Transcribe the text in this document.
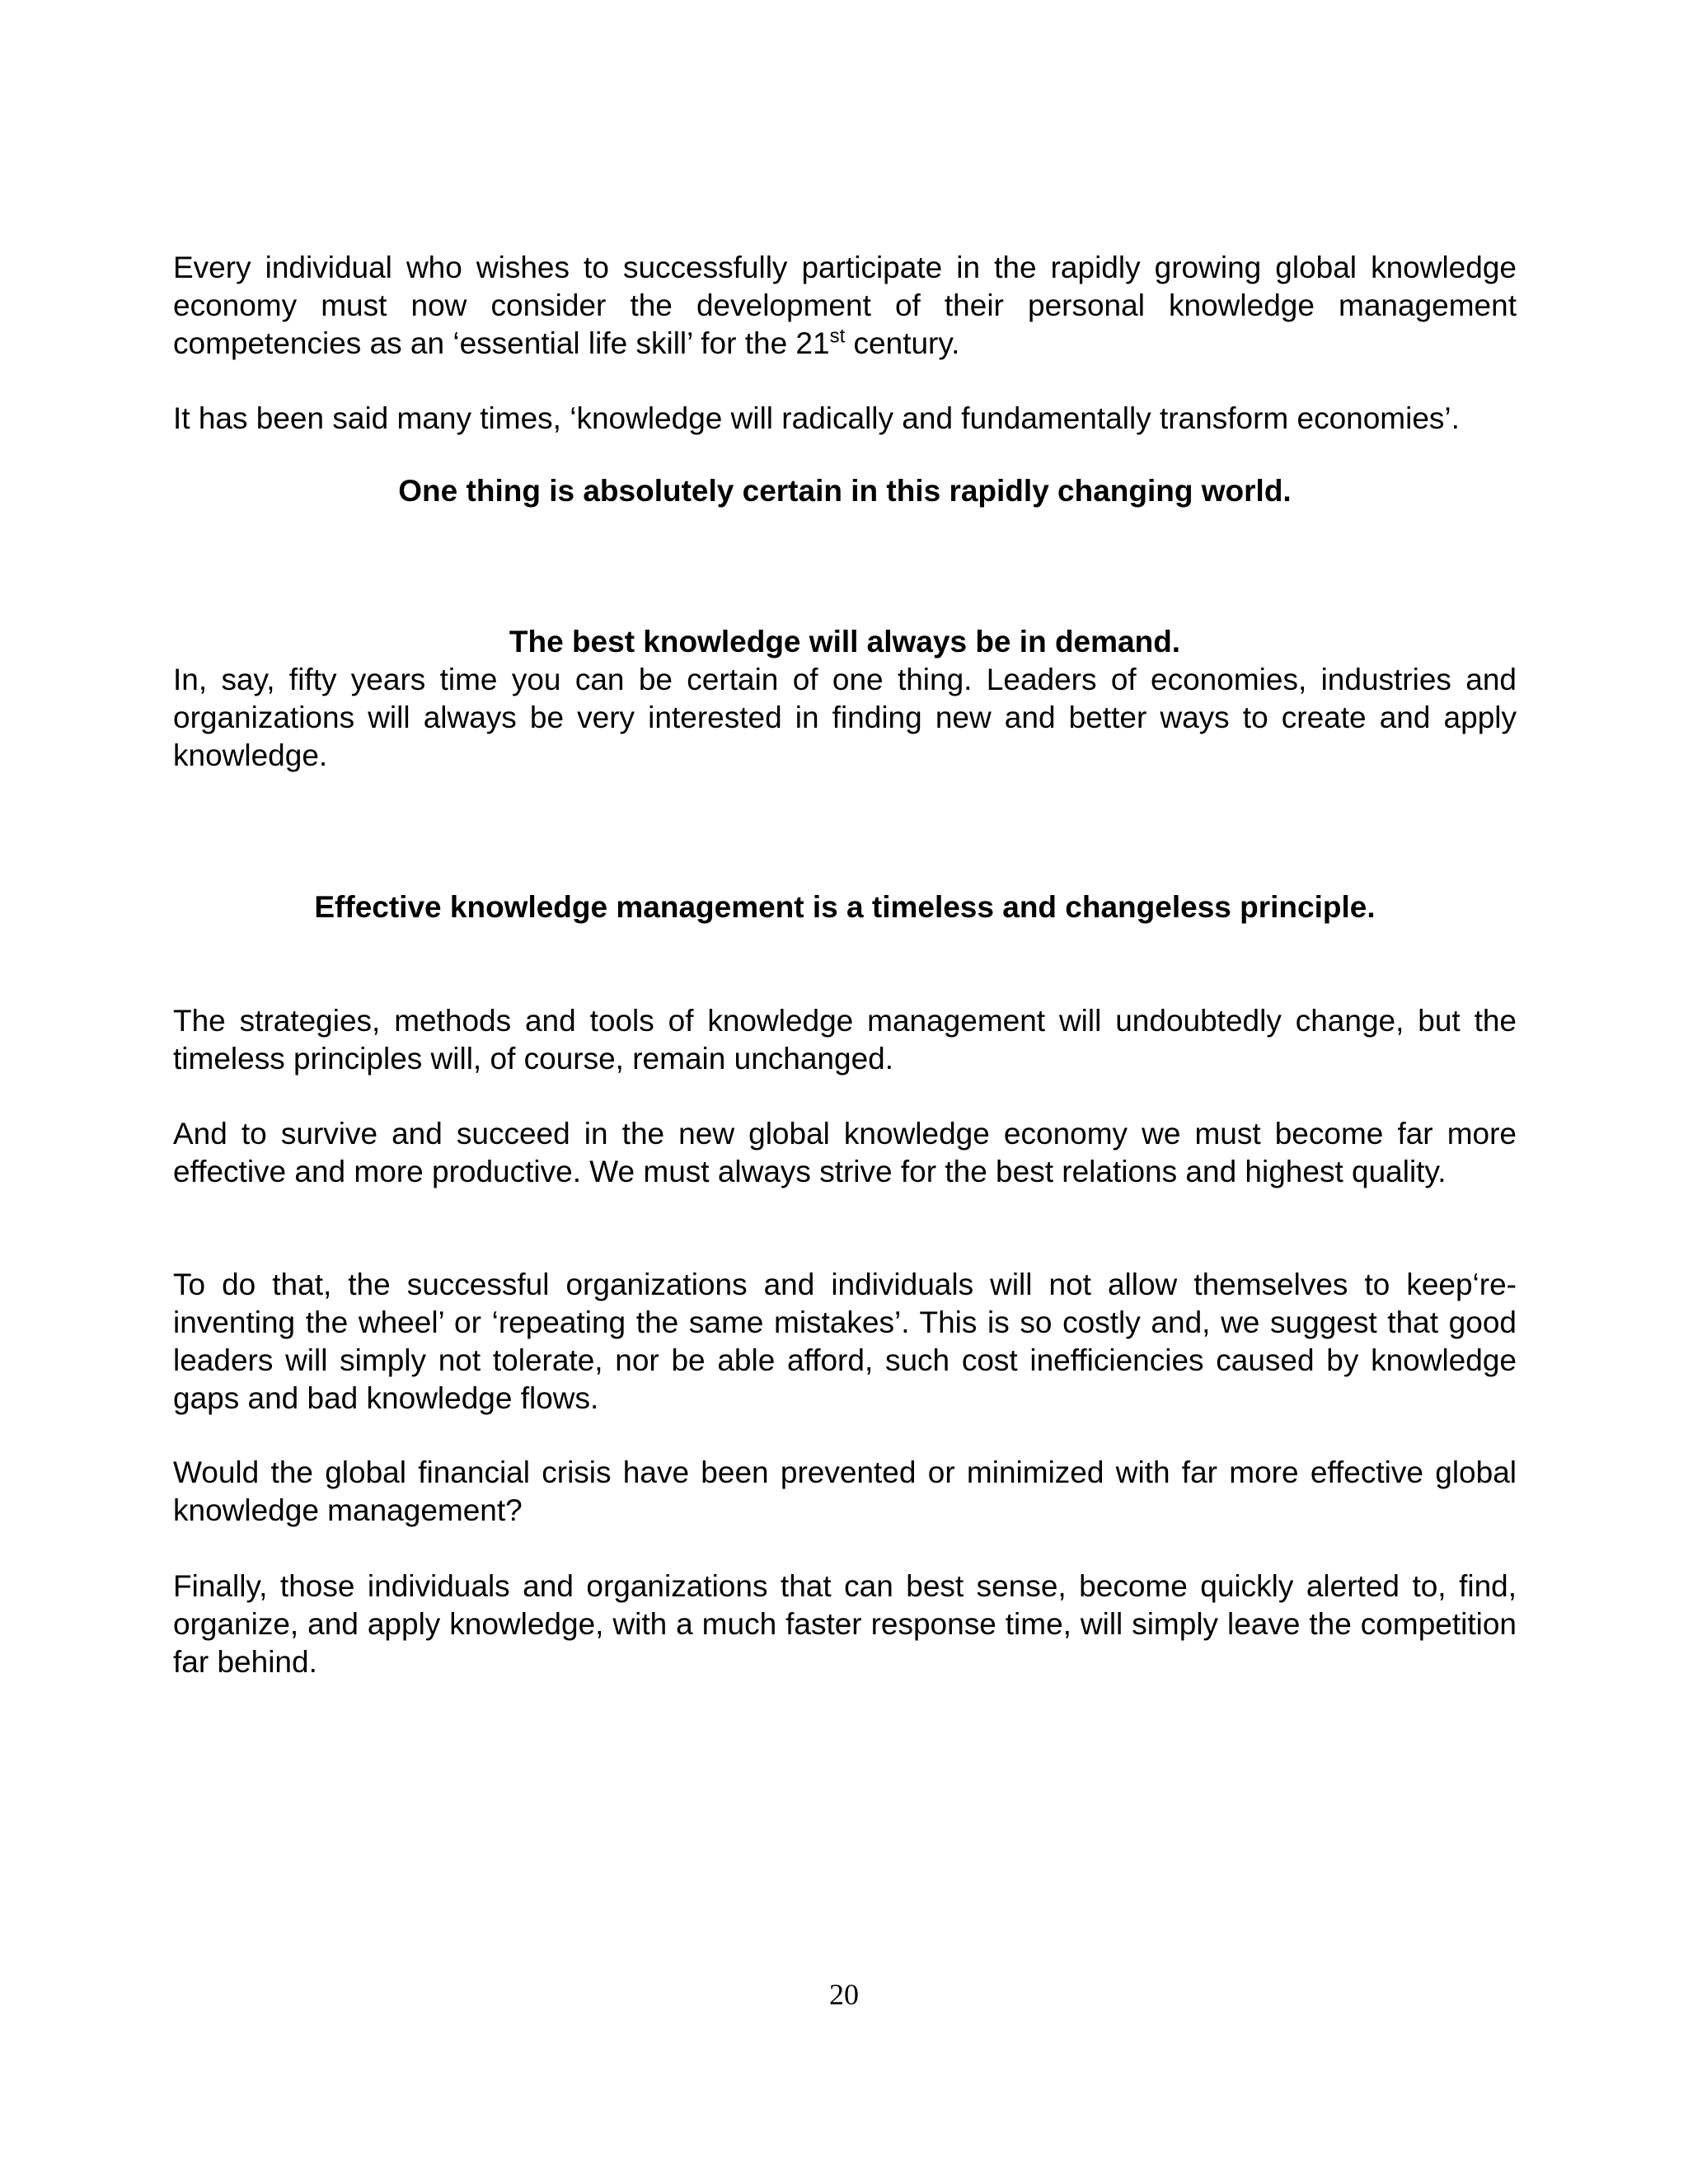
Every individual who wishes to successfully participate in the rapidly growing global knowledge economy must now consider the development of their personal knowledge management competencies as an ‘essential life skill’ for the 21st century.

It has been said many times, ‘knowledge will radically and fundamentally transform economies’.

One thing is absolutely certain in this rapidly changing world.

The best knowledge will always be in demand.

In, say, fifty years time you can be certain of one thing. Leaders of economies, industries and organizations will always be very interested in finding new and better ways to create and apply knowledge.

Effective knowledge management is a timeless and changeless principle.

The strategies, methods and tools of knowledge management will undoubtedly change, but the timeless principles will, of course, remain unchanged.

And to survive and succeed in the new global knowledge economy we must become far more effective and more productive. We must always strive for the best relations and highest quality.

To do that, the successful organizations and individuals will not allow themselves to keep‘re-inventing the wheel’ or ‘repeating the same mistakes’. This is so costly and, we suggest that good leaders will simply not tolerate, nor be able afford, such cost inefficiencies caused by knowledge gaps and bad knowledge flows.

Would the global financial crisis have been prevented or minimized with far more effective global knowledge management?

Finally, those individuals and organizations that can best sense, become quickly alerted to, find, organize, and apply knowledge, with a much faster response time, will simply leave the competition far behind.

20
